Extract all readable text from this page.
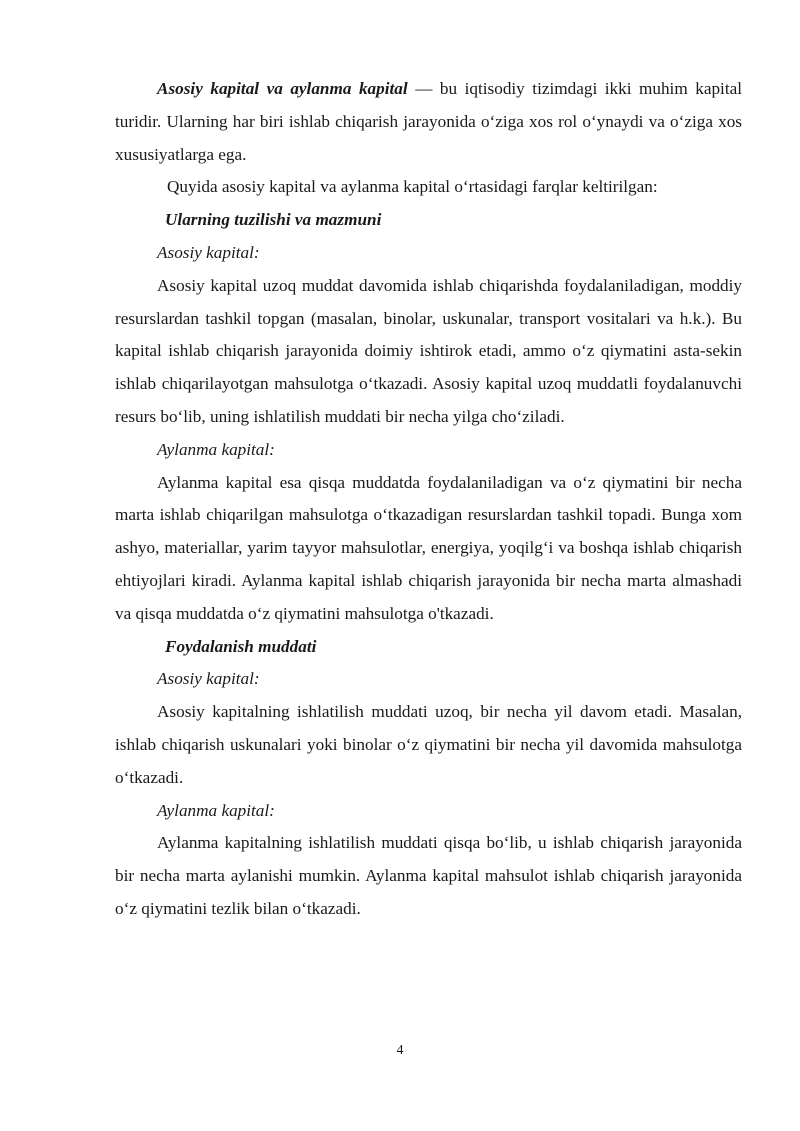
Asosiy kapital va aylanma kapital — bu iqtisodiy tizimdagi ikki muhim kapital turidir. Ularning har biri ishlab chiqarish jarayonida o‘ziga xos rol o‘ynaydi va o‘ziga xos xususiyatlarga ega.

Quyida asosiy kapital va aylanma kapital o‘rtasidagi farqlar keltirilgan:

Ularning tuzilishi va mazmuni

Asosiy kapital:

Asosiy kapital uzoq muddat davomida ishlab chiqarishda foydalaniladigan, moddiy resurslardan tashkil topgan (masalan, binolar, uskunalar, transport vositalari va h.k.). Bu kapital ishlab chiqarish jarayonida doimiy ishtirok etadi, ammo o‘z qiymatini asta-sekin ishlab chiqarilayotgan mahsulotga o‘tkazadi. Asosiy kapital uzoq muddatli foydalanuvchi resurs bo‘lib, uning ishlatilish muddati bir necha yilga cho‘ziladi.

Aylanma kapital:

Aylanma kapital esa qisqa muddatda foydalaniladigan va o‘z qiymatini bir necha marta ishlab chiqarilgan mahsulotga o‘tkazadigan resurslardan tashkil topadi. Bunga xom ashyo, materiallar, yarim tayyor mahsulotlar, energiya, yoqilg‘i va boshqa ishlab chiqarish ehtiyojlari kiradi. Aylanma kapital ishlab chiqarish jarayonida bir necha marta almashadi va qisqa muddatda o‘z qiymatini mahsulotga o'tkazadi.

Foydalanish muddati

Asosiy kapital:

Asosiy kapitalning ishlatilish muddati uzoq, bir necha yil davom etadi. Masalan, ishlab chiqarish uskunalari yoki binolar o‘z qiymatini bir necha yil davomida mahsulotga o‘tkazadi.

Aylanma kapital:

Aylanma kapitalning ishlatilish muddati qisqa bo‘lib, u ishlab chiqarish jarayonida bir necha marta aylanishi mumkin. Aylanma kapital mahsulot ishlab chiqarish jarayonida o‘z qiymatini tezlik bilan o‘tkazadi.

4
